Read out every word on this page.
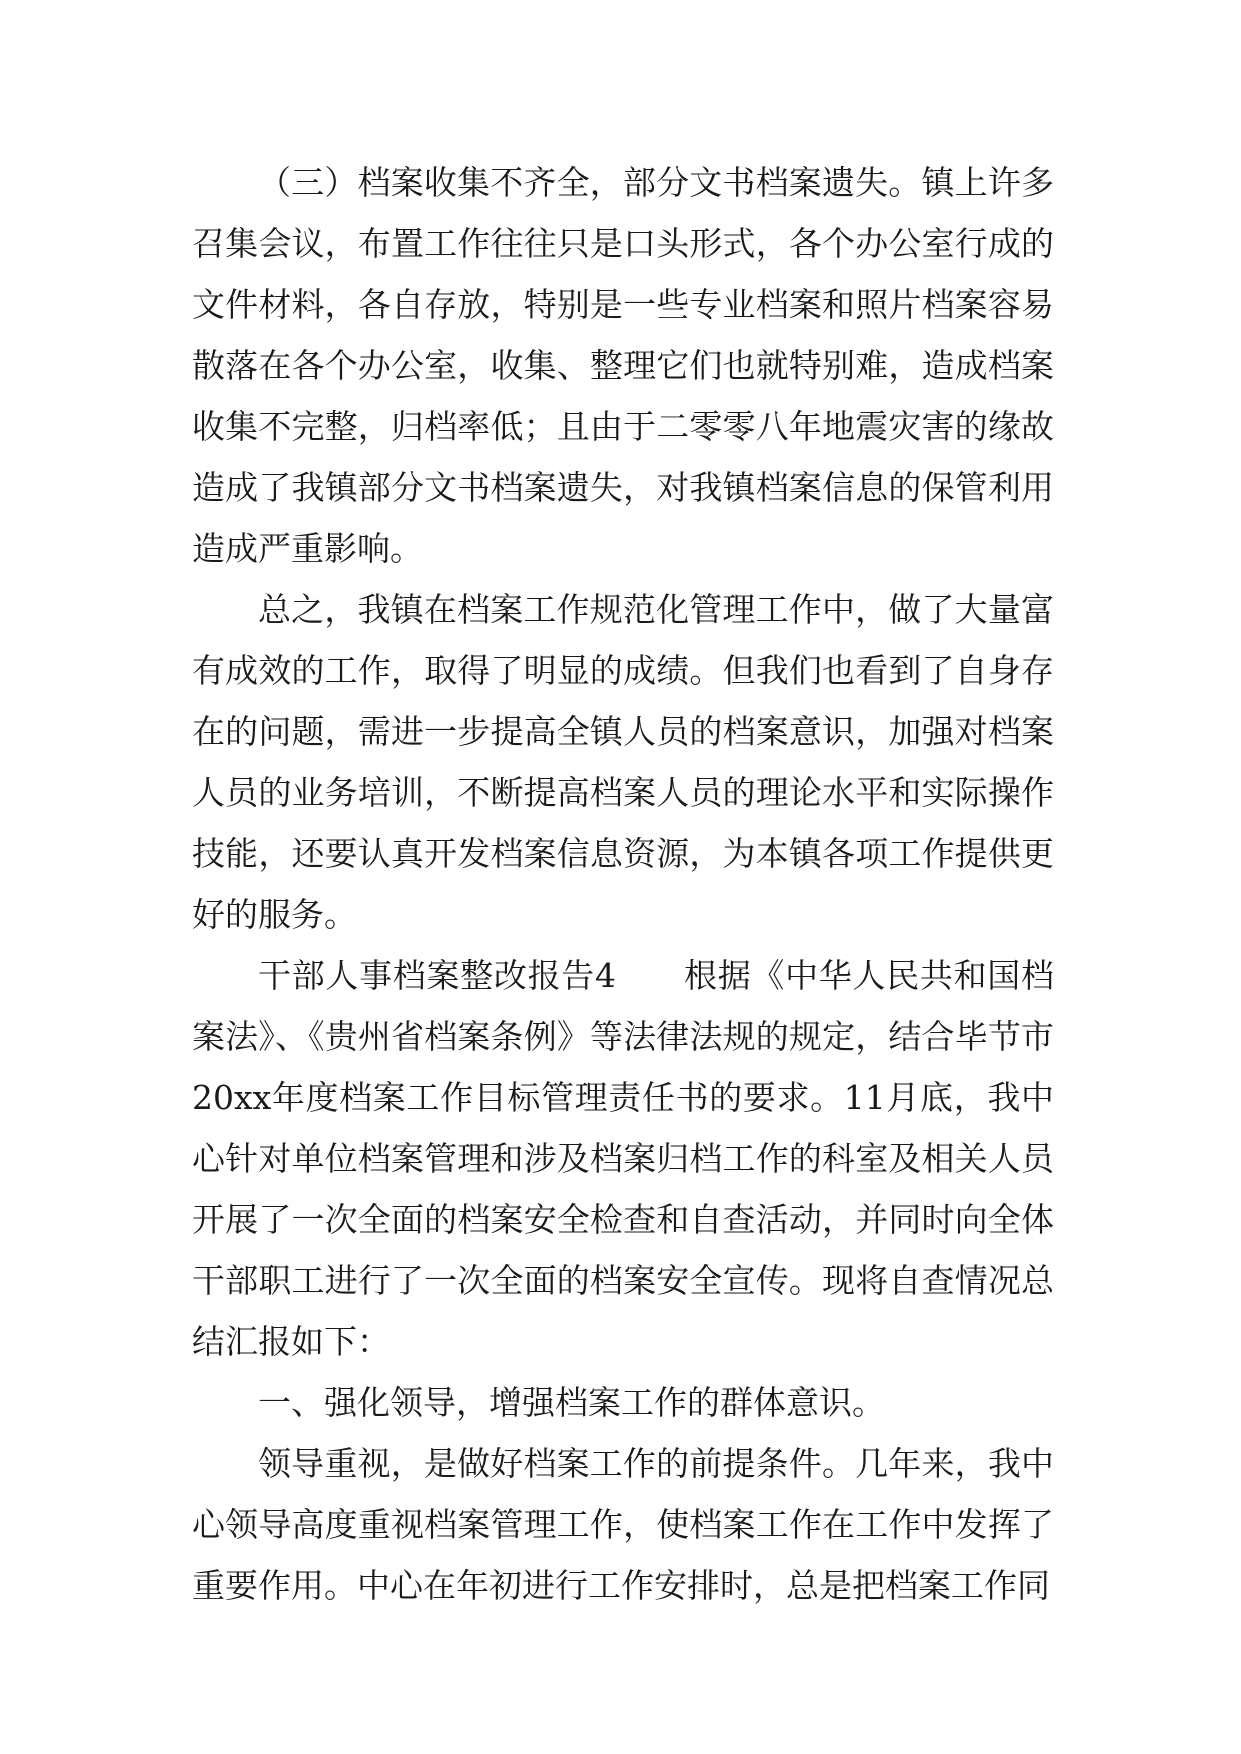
（三）档案收集不齐全，部分文书档案遗失。镇上许多召集会议，布置工作往往只是口头形式，各个办公室行成的文件材料，各自存放，特别是一些专业档案和照片档案容易散落在各个办公室，收集、整理它们也就特别难，造成档案收集不完整，归档率低；且由于二零零八年地震灾害的缘故造成了我镇部分文书档案遗失，对我镇档案信息的保管利用造成严重影响。

总之，我镇在档案工作规范化管理工作中，做了大量富有成效的工作，取得了明显的成绩。但我们也看到了自身存在的问题，需进一步提高全镇人员的档案意识，加强对档案人员的业务培训，不断提高档案人员的理论水平和实际操作技能，还要认真开发档案信息资源，为本镇各项工作提供更好的服务。

干部人事档案整改报告4　　根据《中华人民共和国档案法》、《贵州省档案条例》等法律法规的规定，结合毕节市20xx年度档案工作目标管理责任书的要求。11月底，我中心针对单位档案管理和涉及档案归档工作的科室及相关人员开展了一次全面的档案安全检查和自查活动，并同时向全体干部职工进行了一次全面的档案安全宣传。现将自查情况总结汇报如下：

一、强化领导，增强档案工作的群体意识。

领导重视，是做好档案工作的前提条件。几年来，我中心领导高度重视档案管理工作，使档案工作在工作中发挥了重要作用。中心在年初进行工作安排时，总是把档案工作同
